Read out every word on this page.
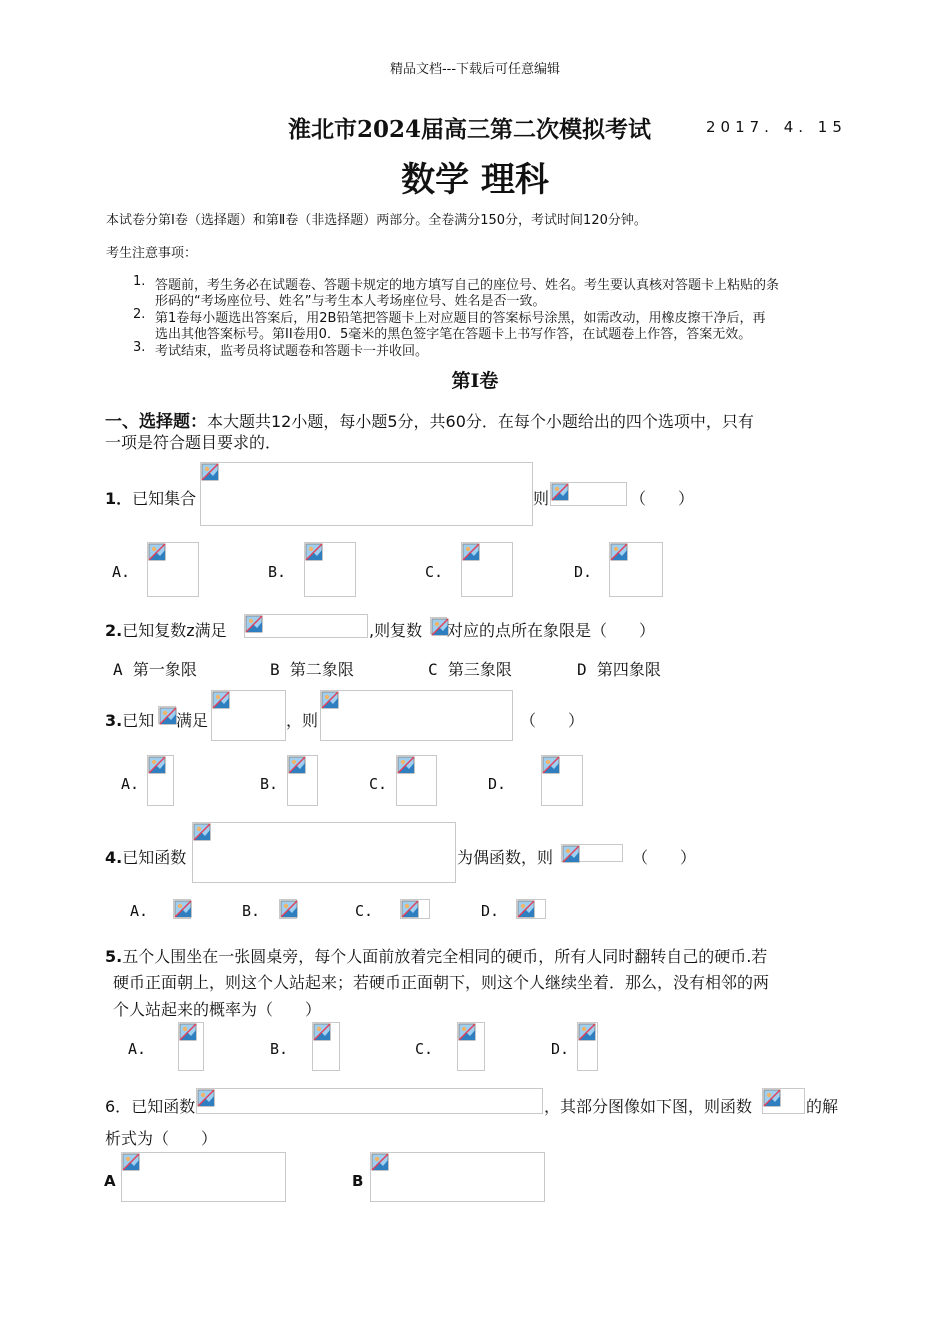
精品文档---下载后可任意编辑
淮北市2024届高三第二次模拟考试	2017. 4. 15
数学 理科
本试卷分第Ⅰ卷（选择题）和第Ⅱ卷（非选择题）两部分。全卷满分150分，考试时间120分钟。
考生注意事项：
1. 答题前，考生务必在试题卷、答题卡规定的地方填写自己的座位号、姓名。考生要认真核对答题卡上粘贴的条
形码的“考场座位号、姓名”与考生本人考场座位号、姓名是否一致。
2. 第1卷每小题选出答案后，用2B铅笔把答题卡上对应题目的答案标号涂黑，如需改动，用橡皮擦干净后，再
选出其他答案标号。第II卷用0．5毫米的黑色签字笔在答题卡上书写作答，在试题卷上作答，答案无效。
3. 考试结束，监考员将试题卷和答题卡一并收回。
第Ⅰ卷
一、选择题：本大题共12小题，每小题5分，共60分．在每个小题给出的四个选项中，只有
一项是符合题目要求的．
1．已知集合	则	（　　）
A.	B.	C.	D.
2.已知复数z满足	,则复数 对应的点所在象限是（　　）
A 第一象限	B 第二象限	C 第三象限	D 第四象限
3.已知 满足	，则	（　　）
A.	B.	C.	D.
4.已知函数	为偶函数，则	（　　）
A.	B.	C.	D.
5.五个人围坐在一张圆桌旁，每个人面前放着完全相同的硬币，所有人同时翻转自己的硬币.若
硬币正面朝上，则这个人站起来；若硬币正面朝下，则这个人继续坐着．那么，没有相邻的两
个人站起来的概率为（　　）
A.	B.	C.	D.
6．已知函数	，其部分图像如下图，则函数	的解
析式为（　　）
A	B
